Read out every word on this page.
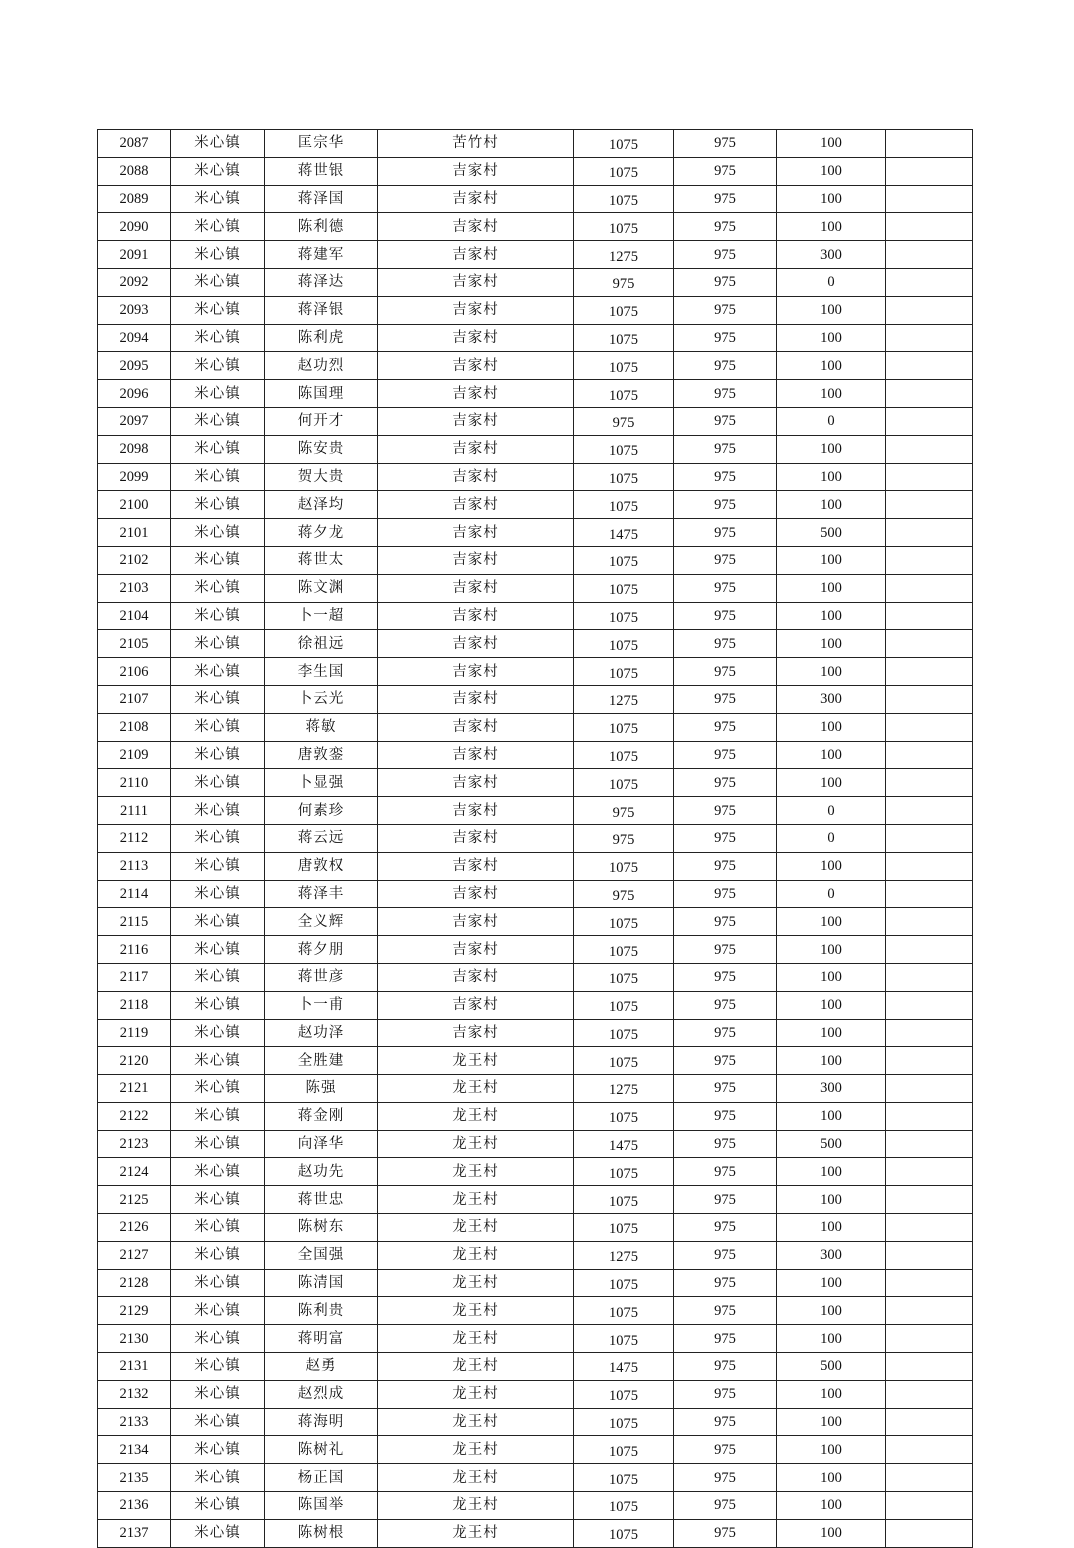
2087	米心镇	匡宗华	苦竹村	1075	975	100	
2088	米心镇	蒋世银	吉家村	1075	975	100	
2089	米心镇	蒋泽国	吉家村	1075	975	100	
2090	米心镇	陈利德	吉家村	1075	975	100	
2091	米心镇	蒋建军	吉家村	1275	975	300	
2092	米心镇	蒋泽达	吉家村	975	975	0	
2093	米心镇	蒋泽银	吉家村	1075	975	100	
2094	米心镇	陈利虎	吉家村	1075	975	100	
2095	米心镇	赵功烈	吉家村	1075	975	100	
2096	米心镇	陈国理	吉家村	1075	975	100	
2097	米心镇	何开才	吉家村	975	975	0	
2098	米心镇	陈安贵	吉家村	1075	975	100	
2099	米心镇	贺大贵	吉家村	1075	975	100	
2100	米心镇	赵泽均	吉家村	1075	975	100	
2101	米心镇	蒋夕龙	吉家村	1475	975	500	
2102	米心镇	蒋世太	吉家村	1075	975	100	
2103	米心镇	陈文渊	吉家村	1075	975	100	
2104	米心镇	卜一超	吉家村	1075	975	100	
2105	米心镇	徐祖远	吉家村	1075	975	100	
2106	米心镇	李生国	吉家村	1075	975	100	
2107	米心镇	卜云光	吉家村	1275	975	300	
2108	米心镇	蒋敏	吉家村	1075	975	100	
2109	米心镇	唐敦銮	吉家村	1075	975	100	
2110	米心镇	卜显强	吉家村	1075	975	100	
2111	米心镇	何素珍	吉家村	975	975	0	
2112	米心镇	蒋云远	吉家村	975	975	0	
2113	米心镇	唐敦权	吉家村	1075	975	100	
2114	米心镇	蒋泽丰	吉家村	975	975	0	
2115	米心镇	全义辉	吉家村	1075	975	100	
2116	米心镇	蒋夕朋	吉家村	1075	975	100	
2117	米心镇	蒋世彦	吉家村	1075	975	100	
2118	米心镇	卜一甫	吉家村	1075	975	100	
2119	米心镇	赵功泽	吉家村	1075	975	100	
2120	米心镇	全胜建	龙王村	1075	975	100	
2121	米心镇	陈强	龙王村	1275	975	300	
2122	米心镇	蒋金刚	龙王村	1075	975	100	
2123	米心镇	向泽华	龙王村	1475	975	500	
2124	米心镇	赵功先	龙王村	1075	975	100	
2125	米心镇	蒋世忠	龙王村	1075	975	100	
2126	米心镇	陈树东	龙王村	1075	975	100	
2127	米心镇	全国强	龙王村	1275	975	300	
2128	米心镇	陈清国	龙王村	1075	975	100	
2129	米心镇	陈利贵	龙王村	1075	975	100	
2130	米心镇	蒋明富	龙王村	1075	975	100	
2131	米心镇	赵勇	龙王村	1475	975	500	
2132	米心镇	赵烈成	龙王村	1075	975	100	
2133	米心镇	蒋海明	龙王村	1075	975	100	
2134	米心镇	陈树礼	龙王村	1075	975	100	
2135	米心镇	杨正国	龙王村	1075	975	100	
2136	米心镇	陈国举	龙王村	1075	975	100	
2137	米心镇	陈树根	龙王村	1075	975	100	
